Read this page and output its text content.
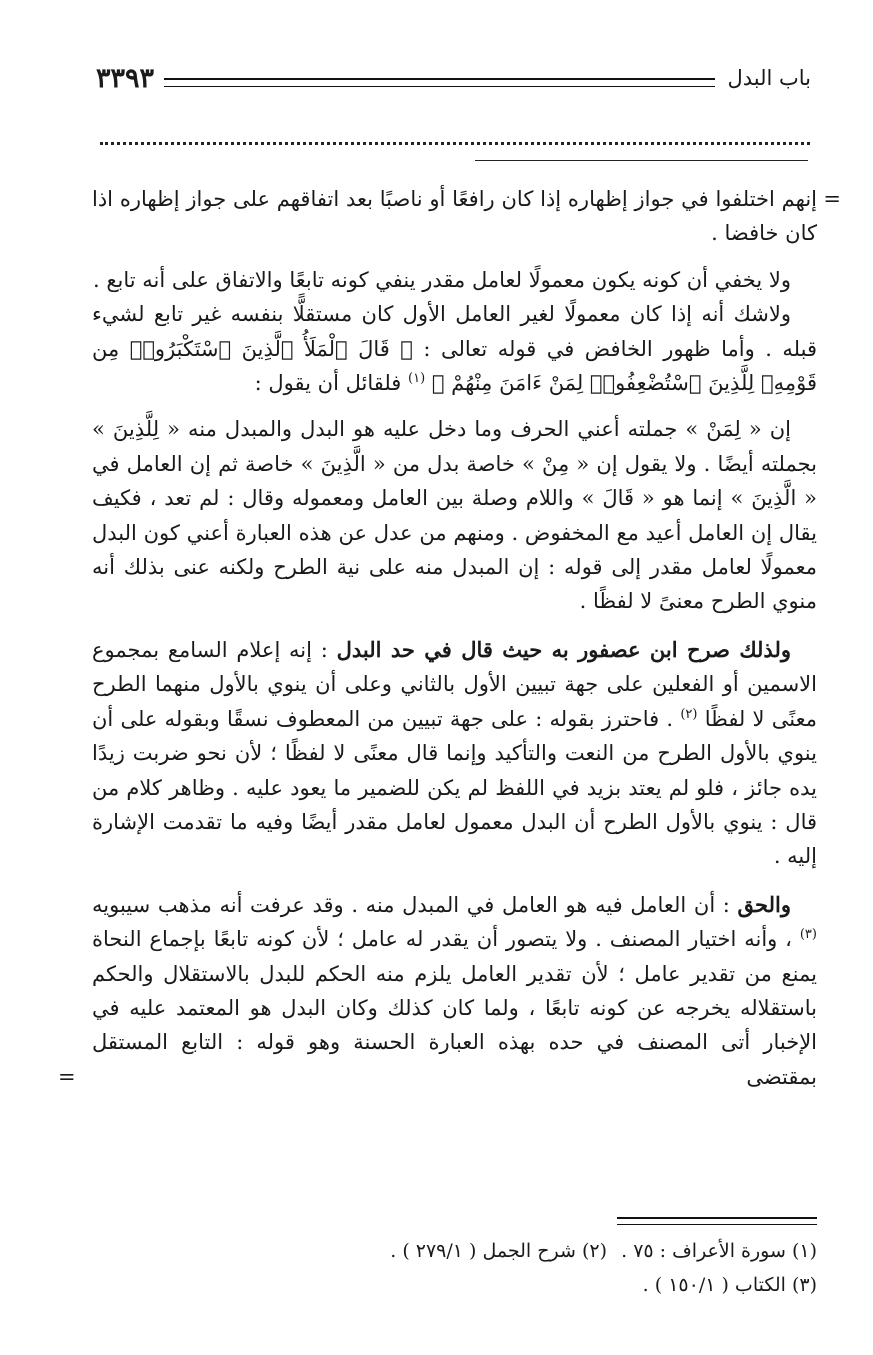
باب البدل
٣٣٩٣

=
إنهم اختلفوا في جواز إظهاره إذا كان رافعًا أو ناصبًا بعد اتفاقهم على جواز إظهاره اذا كان خافضا .

ولا يخفي أن كونه يكون معمولًا لعامل مقدر ينفي كونه تابعًا والاتفاق على أنه تابع .

ولاشك أنه إذا كان معمولًا لغير العامل الأول كان مستقلًّا بنفسه غير تابع لشيء قبله . وأما ظهور الخافض في قوله تعالى : ﴿ قَالَ ٱلْمَلَأُ ٱلَّذِينَ ٱسْتَكْبَرُوا۟ مِن قَوْمِهِۦ لِلَّذِينَ ٱسْتُضْعِفُوا۟ لِمَنْ ءَامَنَ مِنْهُمْ ﴾ $^{(١)}$ فلقائل أن يقول :

إن « لِمَنْ » جملته أعني الحرف وما دخل عليه هو البدل والمبدل منه « لِلَّذِينَ » بجملته أيضًا . ولا يقول إن « مِنْ » خاصة بدل من « الَّذِينَ » خاصة ثم إن العامل في « الَّذِينَ » إنما هو « قَالَ » واللام وصلة بين العامل ومعموله وقال : لم تعد ، فكيف يقال إن العامل أعيد مع المخفوض . ومنهم من عدل عن هذه العبارة أعني كون البدل معمولًا لعامل مقدر إلى قوله : إن المبدل منه على نية الطرح ولكنه عنى بذلك أنه منوي الطرح معنىً لا لفظًا .

ولذلك صرح ابن عصفور به حيث قال في حد البدل : إنه إعلام السامع بمجموع الاسمين أو الفعلين على جهة تبيين الأول بالثاني وعلى أن ينوي بالأول منهما الطرح معنًى لا لفظًا $^{(٢)}$ . فاحترز بقوله : على جهة تبيين من المعطوف نسقًا وبقوله على أن ينوي بالأول الطرح من النعت والتأكيد وإنما قال معنًى لا لفظًا ؛ لأن نحو ضربت زيدًا يده جائز ، فلو لم يعتد بزيد في اللفظ لم يكن للضمير ما يعود عليه . وظاهر كلام من قال : ينوي بالأول الطرح أن البدل معمول لعامل مقدر أيضًا وفيه ما تقدمت الإشارة إليه .

والحق : أن العامل فيه هو العامل في المبدل منه . وقد عرفت أنه مذهب سيبويه $^{(٣)}$ ، وأنه اختيار المصنف . ولا يتصور أن يقدر له عامل ؛ لأن كونه تابعًا بإجماع النحاة يمنع من تقدير عامل ؛ لأن تقدير العامل يلزم منه الحكم للبدل بالاستقلال والحكم باستقلاله يخرجه عن كونه تابعًا ، ولما كان كذلك وكان البدل هو المعتمد عليه في الإخبار أتى المصنف في حده بهذه العبارة الحسنة وهو قوله : التابع المستقل بمقتضى
=

(١) سورة الأعراف : ٧٥ .
(٢) شرح الجمل ( ٢٧٩/١ ) .
(٣) الكتاب ( ١٥٠/١ ) .
